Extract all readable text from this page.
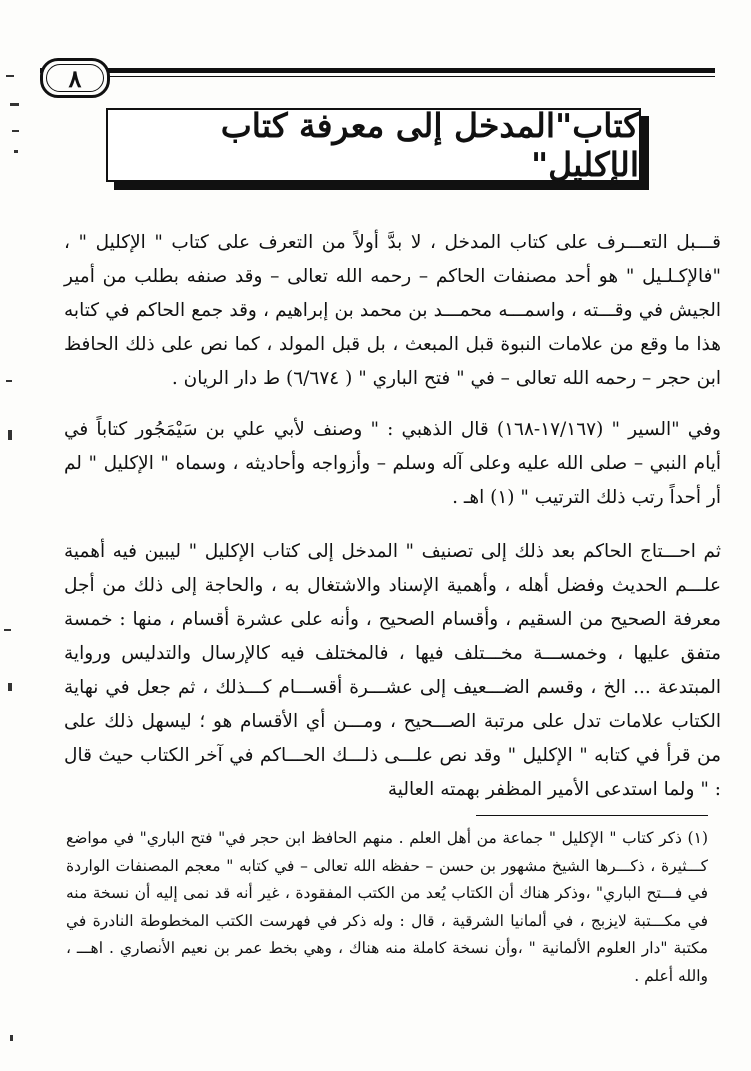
٨
كتاب"المدخل إلى معرفة كتاب الإكليل"

قـــبل التعـــرف على كتاب المدخل ، لا بدَّ أولاً من التعرف على كتاب " الإكليل " ، "فالإكـلـيل " هو أحد مصنفات الحاكم – رحمه الله تعالى – وقد صنفه بطلب من أمير الجيش في وقـــته ، واسمـــه محمـــد بن محمد بن إبراهيم ، وقد جمع الحاكم في كتابه هذا ما وقع من علامات النبوة قبل المبعث ، بل قبل المولد ، كما نص على ذلك الحافظ ابن حجر – رحمه الله تعالى – في " فتح الباري " ( ٦/٦٧٤) ط دار الريان .

وفي "السير " (١٧/١٦٧-١٦٨) قال الذهبي : " وصنف لأبي علي بن سَيْمَجُور كتاباً في أيام النبي – صلى الله عليه وعلى آله وسلم – وأزواجه وأحاديثه ، وسماه " الإكليل " لم أر أحداً رتب ذلك الترتيب " (١) اهـ .

ثم احـــتاج الحاكم بعد ذلك إلى تصنيف " المدخل إلى كتاب الإكليل " ليبين فيه أهمية علـــم الحديث وفضل أهله ، وأهمية الإسناد والاشتغال به ، والحاجة إلى ذلك من أجل معرفة الصحيح من السقيم ، وأقسام الصحيح ، وأنه على عشرة أقسام ، منها : خمسة متفق عليها ، وخمســـة مخـــتلف فيها ، فالمختلف فيه كالإرسال والتدليس ورواية المبتدعة ... الخ ، وقسم الضـــعيف إلى عشـــرة أقســـام كـــذلك ، ثم جعل في نهاية الكتاب علامات تدل على مرتبة الصـــحيح ، ومـــن أي الأقسام هو ؛ ليسهل ذلك على من قرأ في كتابه " الإكليل " وقد نص علـــى ذلـــك الحـــاكم في آخر الكتاب حيث قال : " ولما استدعى الأمير المظفر بهمته العالية

(١) ذكر كتاب " الإكليل " جماعة من أهل العلم . منهم الحافظ ابن حجر في" فتح الباري" في مواضع كـــثيرة ، ذكـــرها الشيخ مشهور بن حسن – حفظه الله تعالى – في كتابه " معجم المصنفات الواردة في فـــتح الباري" ،وذكر هناك أن الكتاب يُعد من الكتب المفقودة ، غير أنه قد نمى إليه أن نسخة منه في مكـــتبة لايزبج ، في ألمانيا الشرقية ، قال : وله ذكر في فهرست الكتب المخطوطة النادرة في مكتبة "دار العلوم الألمانية " ،وأن نسخة كاملة منه هناك ، وهي بخط عمر بن نعيم الأنصاري . اهـــ ، والله أعلم .
